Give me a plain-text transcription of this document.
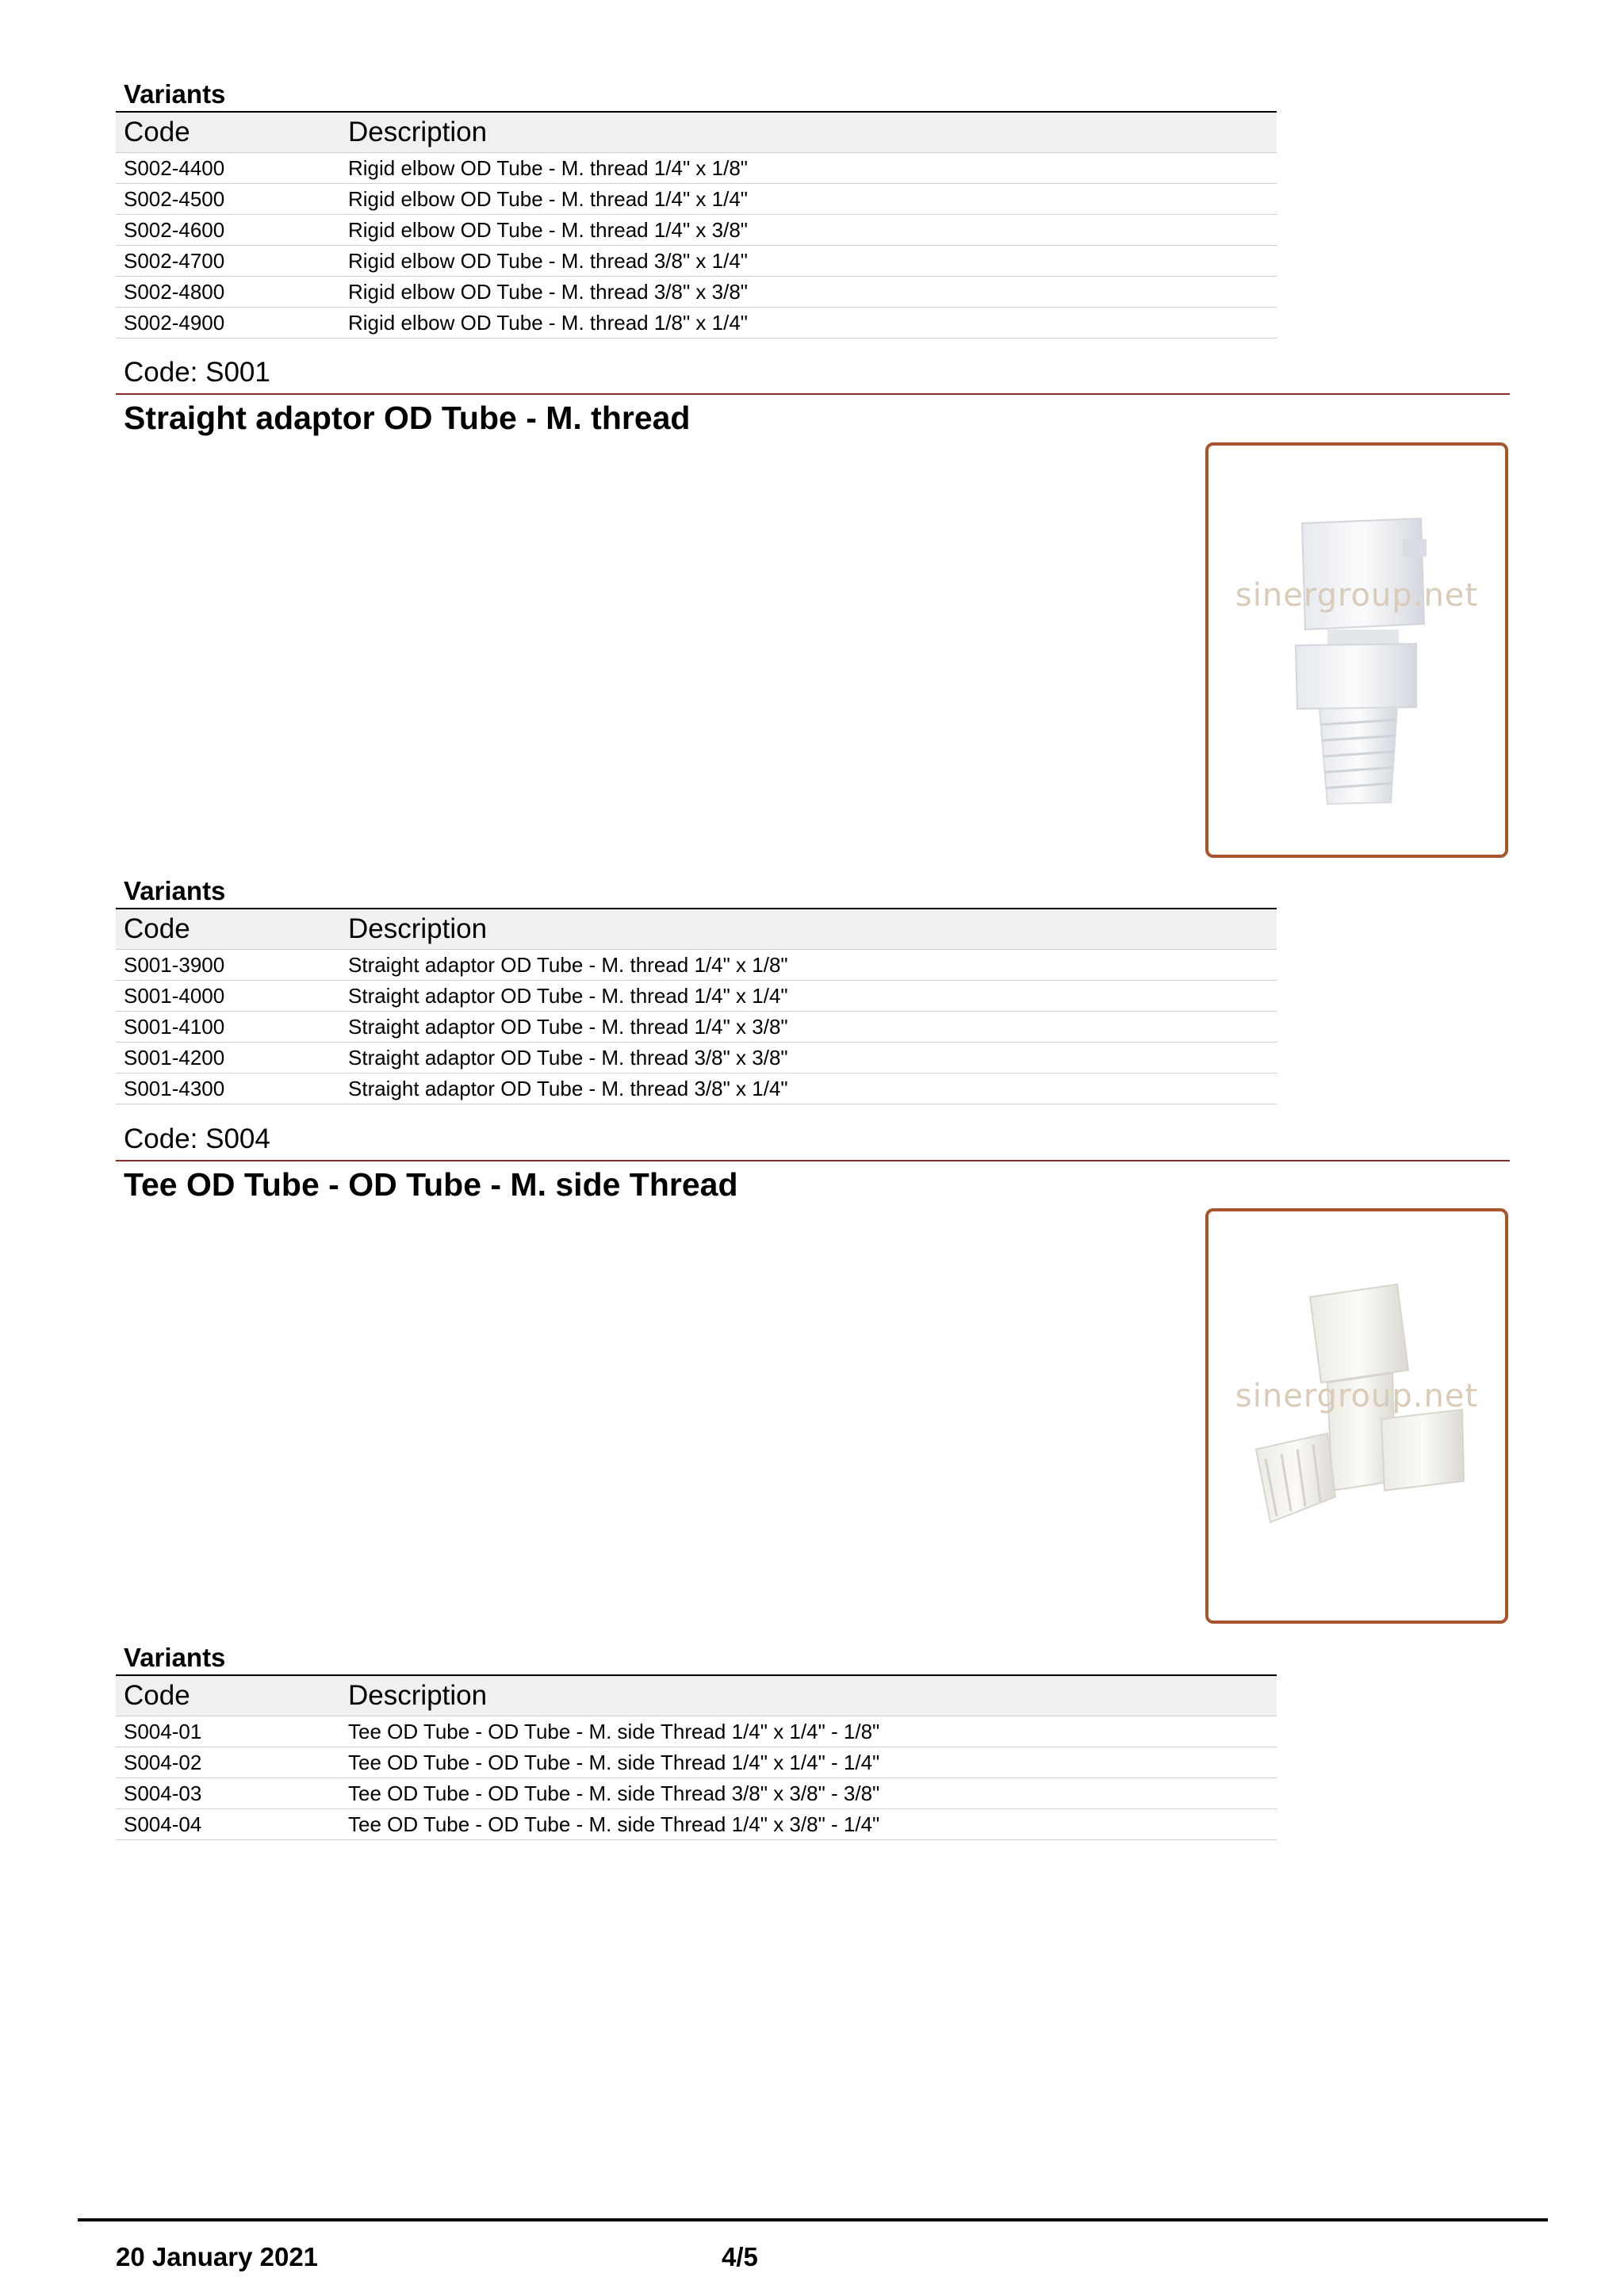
Variants
Code	Description
S002-4400	Rigid elbow OD Tube - M. thread 1/4" x 1/8"
S002-4500	Rigid elbow OD Tube - M. thread 1/4" x 1/4"
S002-4600	Rigid elbow OD Tube - M. thread 1/4" x 3/8"
S002-4700	Rigid elbow OD Tube - M. thread 3/8" x 1/4"
S002-4800	Rigid elbow OD Tube - M. thread 3/8" x 3/8"
S002-4900	Rigid elbow OD Tube - M. thread 1/8" x 1/4"
Code: S001
Straight adaptor OD Tube - M. thread
sinergroup.net
Variants
Code	Description
S001-3900	Straight adaptor OD Tube - M. thread 1/4" x 1/8"
S001-4000	Straight adaptor OD Tube - M. thread 1/4" x 1/4"
S001-4100	Straight adaptor OD Tube - M. thread 1/4" x 3/8"
S001-4200	Straight adaptor OD Tube - M. thread 3/8" x 3/8"
S001-4300	Straight adaptor OD Tube - M. thread 3/8" x 1/4"
Code: S004
Tee OD Tube - OD Tube - M. side Thread
sinergroup.net
Variants
Code	Description
S004-01	Tee OD Tube - OD Tube - M. side Thread 1/4" x 1/4" - 1/8"
S004-02	Tee OD Tube - OD Tube - M. side Thread 1/4" x 1/4" - 1/4"
S004-03	Tee OD Tube - OD Tube - M. side Thread 3/8" x 3/8" - 3/8"
S004-04	Tee OD Tube - OD Tube - M. side Thread 1/4" x 3/8" - 1/4"
20 January 2021	4/5
